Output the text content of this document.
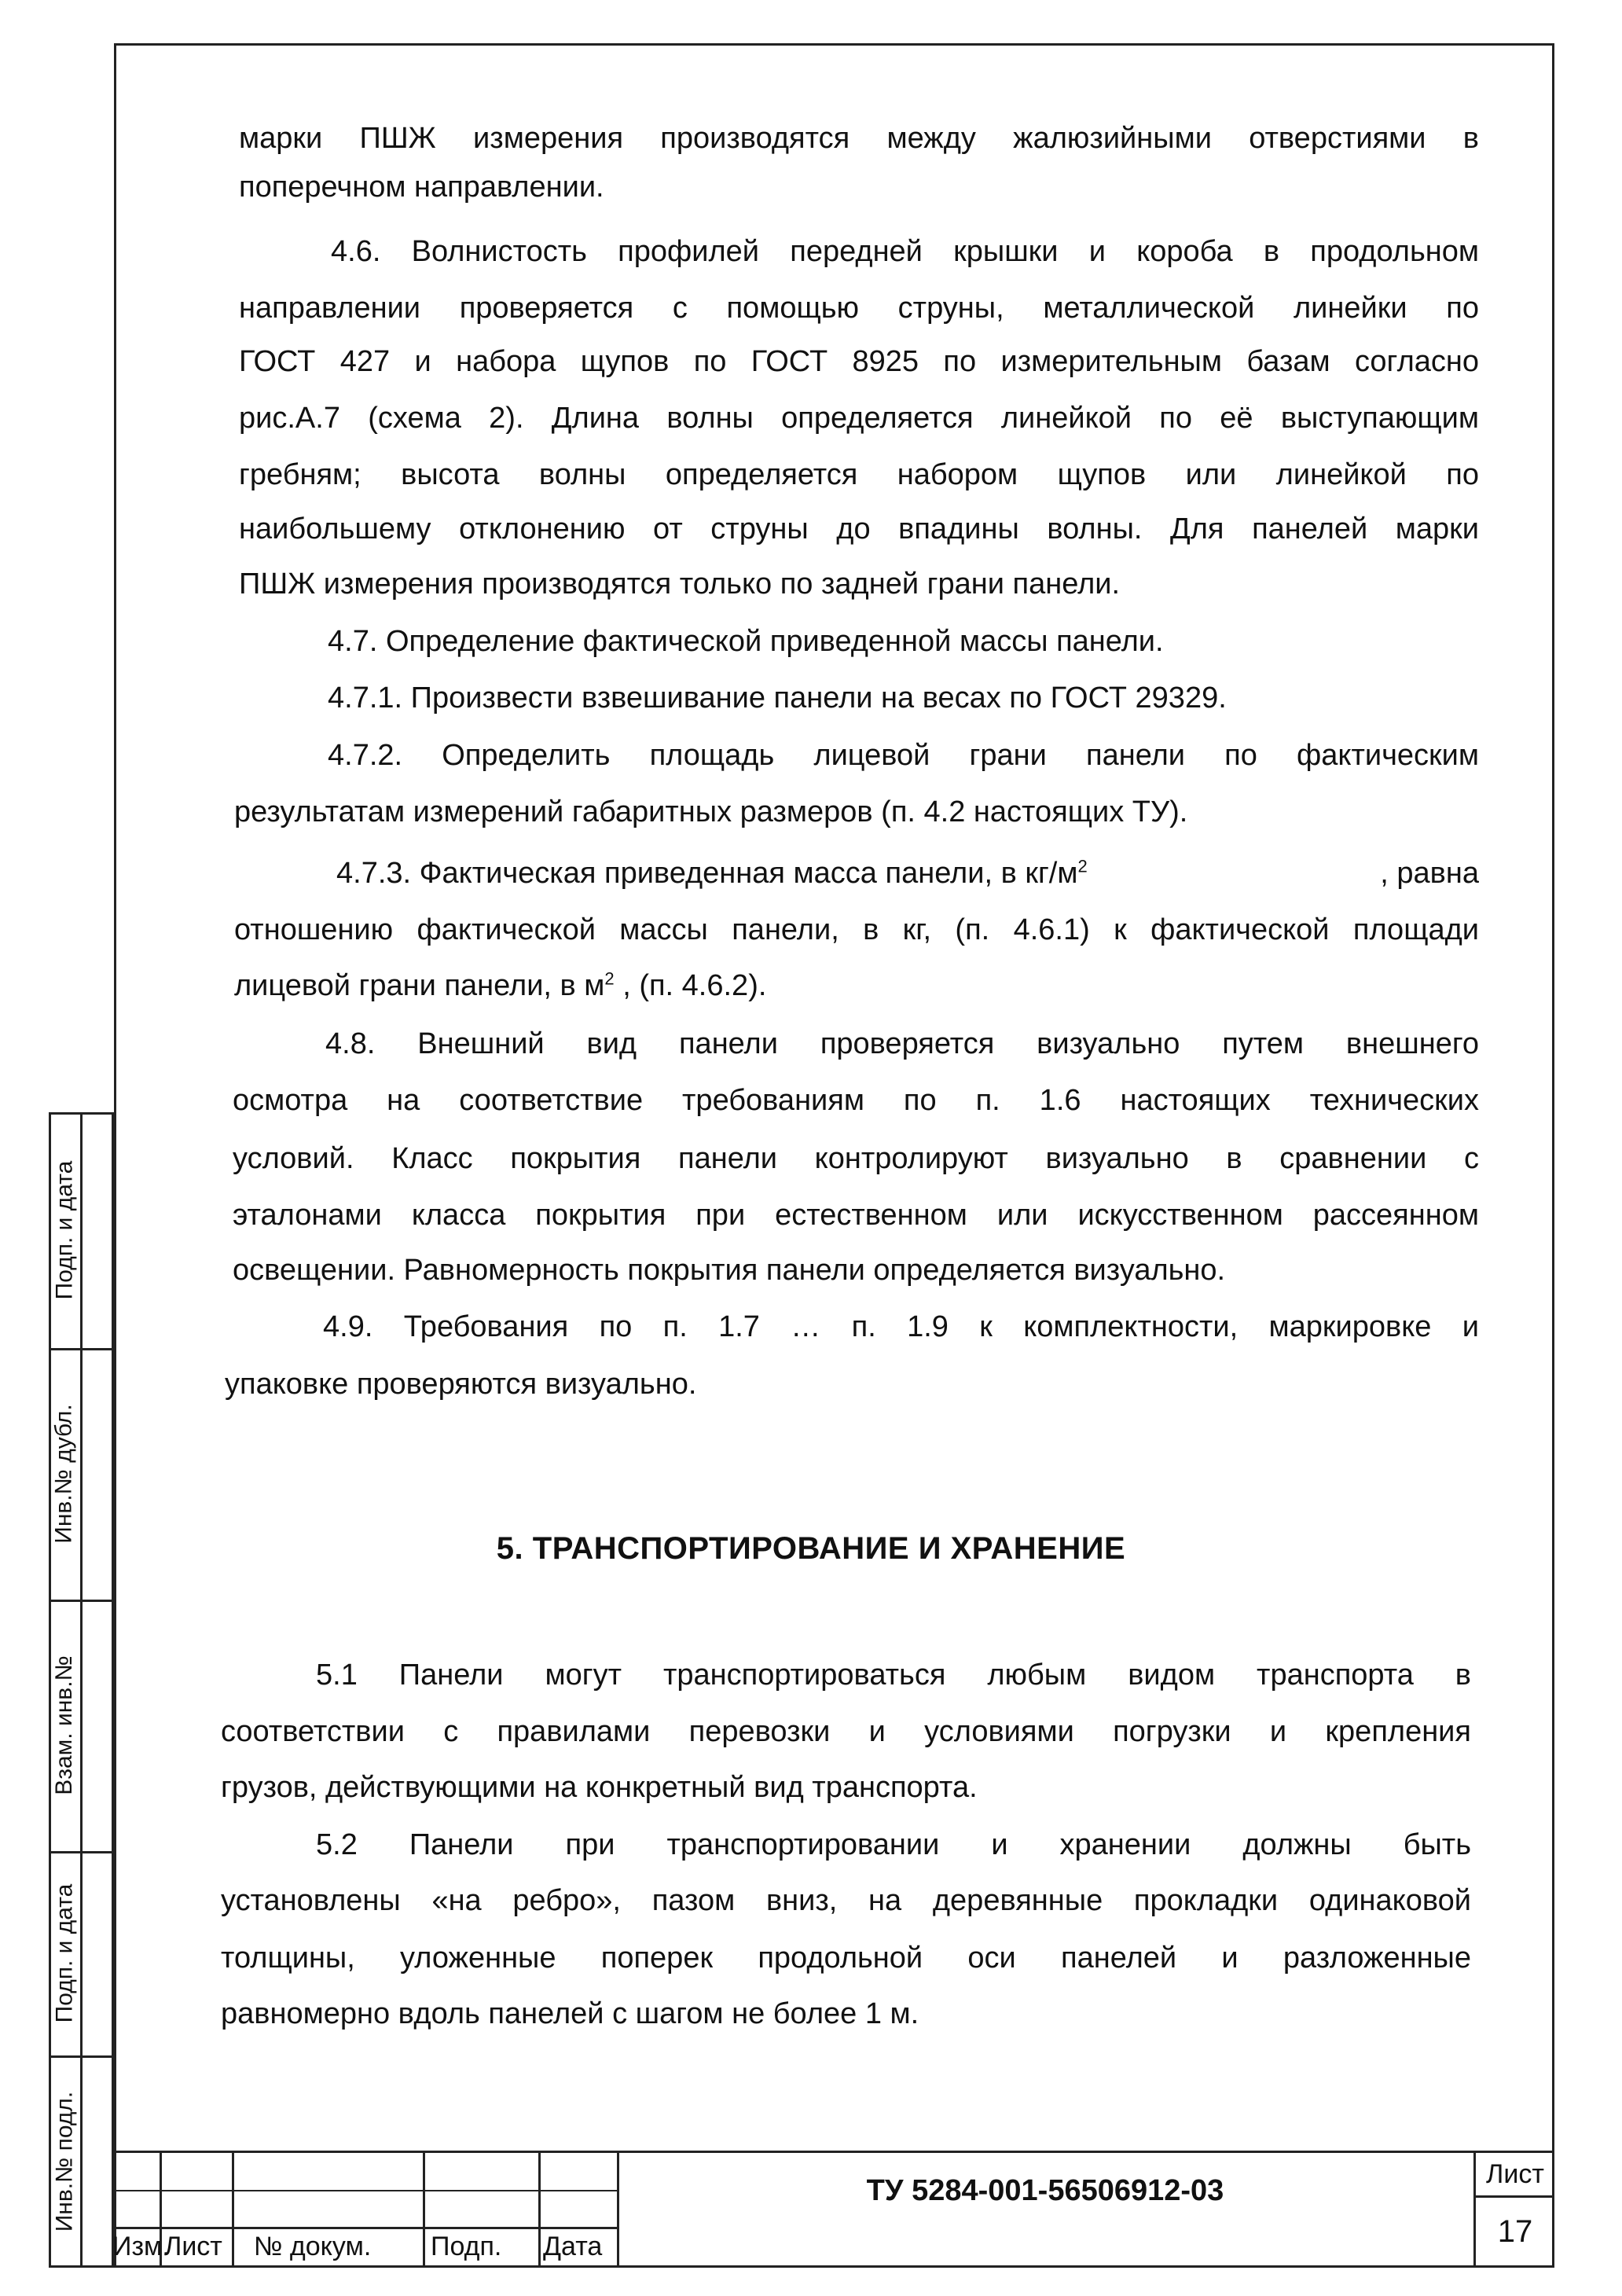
марки ПШЖ измерения производятся между жалюзийными отверстиями в
поперечном направлении.
4.6. Волнистость профилей передней крышки и короба в продольном
направлении проверяется с помощью струны, металлической линейки по
ГОСТ 427 и набора щупов по ГОСТ 8925 по измерительным базам согласно
рис.А.7 (схема 2). Длина волны определяется линейкой по её выступающим
гребням; высота волны определяется набором щупов или линейкой по
наибольшему отклонению от струны до впадины волны. Для панелей марки
ПШЖ измерения производятся только по задней грани панели.
4.7. Определение фактической приведенной массы панели.
4.7.1. Произвести взвешивание панели на весах по ГОСТ 29329.
4.7.2. Определить площадь лицевой грани панели по фактическим
результатам измерений габаритных размеров (п. 4.2 настоящих ТУ).
4.7.3. Фактическая приведенная масса панели, в $кг/м^2$	, равна
отношению фактической массы панели, в кг, (п. 4.6.1) к фактической площади
лицевой грани панели, в $м^2$ , (п. 4.6.2).
4.8. Внешний вид панели проверяется визуально путем внешнего
осмотра на соответствие требованиям по п. 1.6 настоящих технических
условий. Класс покрытия панели контролируют визуально в сравнении с
эталонами класса покрытия при естественном или искусственном рассеянном
освещении. Равномерность покрытия панели определяется визуально.
4.9. Требования по п. 1.7 … п. 1.9 к комплектности, маркировке и
упаковке проверяются визуально.
5. ТРАНСПОРТИРОВАНИЕ И ХРАНЕНИЕ
5.1 Панели могут транспортироваться любым видом транспорта в
соответствии с правилами перевозки и условиями погрузки и крепления
грузов, действующими на конкретный вид транспорта.
5.2 Панели при транспортировании и хранении должны быть
установлены «на ребро», пазом вниз, на деревянные прокладки одинаковой
толщины, уложенные поперек продольной оси панелей и разложенные
равномерно вдоль панелей с шагом не более 1 м.
Подп. и дата
Инв.№ дубл.
Взам. инв.№
Подп. и дата
Инв.№ подл.
Изм.
Лист № докум. Подп. Дата
ТУ 5284-001-56506912-03	Лист
17
